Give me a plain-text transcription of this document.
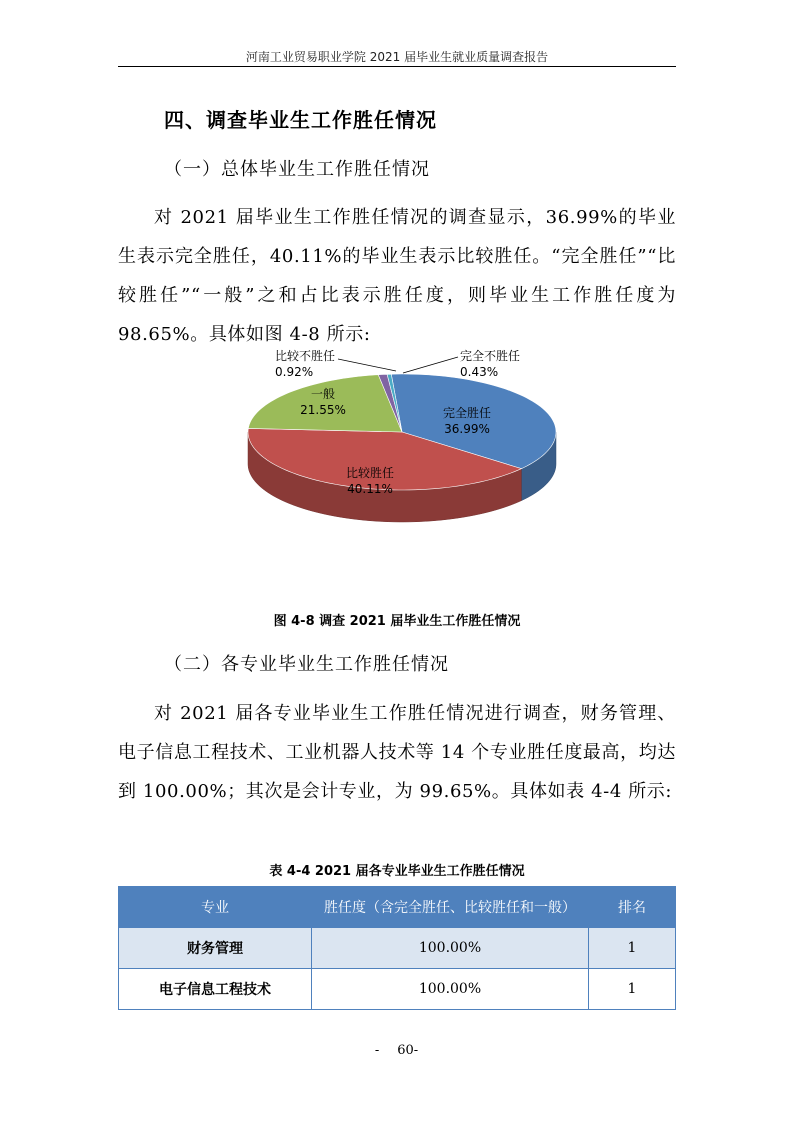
河南工业贸易职业学院 2021 届毕业生就业质量调查报告
四、调查毕业生工作胜任情况
（一）总体毕业生工作胜任情况
对 2021 届毕业生工作胜任情况的调查显示，36.99%的毕业生表示完全胜任，40.11%的毕业生表示比较胜任。“完全胜任”“比较胜任”“一般”之和占比表示胜任度，则毕业生工作胜任度为 98.65%。具体如图 4-8 所示:
完全胜任
36.99%
比较胜任
40.11%
一般
21.55%
比较不胜任
0.92%
完全不胜任
0.43%
图 4-8 调查 2021 届毕业生工作胜任情况
（二）各专业毕业生工作胜任情况
对 2021 届各专业毕业生工作胜任情况进行调查，财务管理、电子信息工程技术、工业机器人技术等 14 个专业胜任度最高，均达到 100.00%；其次是会计专业，为 99.65%。具体如表 4-4 所示:
表 4-4 2021 届各专业毕业生工作胜任情况
专业	胜任度（含完全胜任、比较胜任和一般）	排名
财务管理	100.00%	1
电子信息工程技术	100.00%	1
- 60-
